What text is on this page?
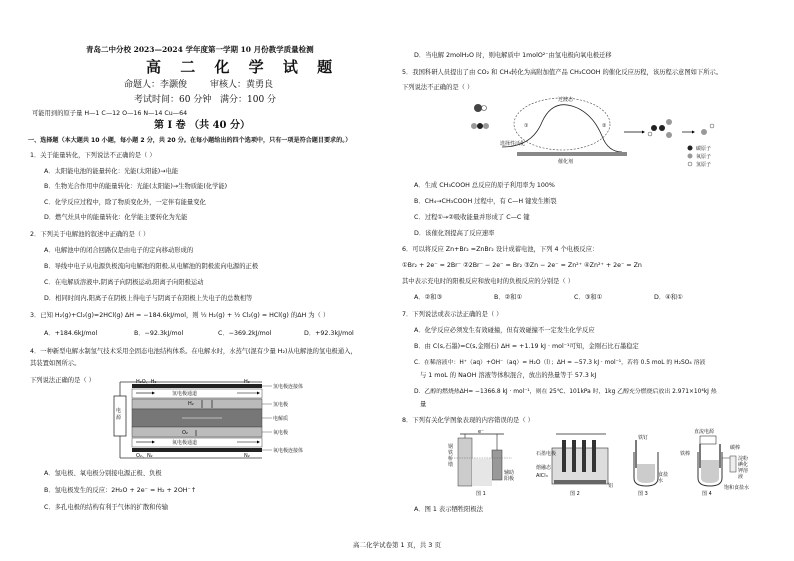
青岛二中分校 2023—2024 学年度第一学期 10 月份教学质量检测
高 二 化 学 试 题
命题人：李灏俊	审核人：黄勇良
考试时间：60 分钟 满分：100 分
可能用到的原子量 H—1 C—12 O—16 N—14 Cu—64
第 I 卷 （共 40 分）
一、选择题（本大题共 10 小题，每小题 2 分，共 20 分。在每小题给出的四个选项中，只有一项是符合题目要求的。）
1．关于能量转化，下列说法不正确的是（ ）
A．太阳能电池的能量转化：光能(太阳能)→电能
B．生物光合作用中的能量转化：光能(太阳能)→生物质能(化学能)
C．化学反应过程中，除了物质变化外，一定伴有能量变化
D．燃气灶具中的能量转化：化学能主要转化为光能
2．下列关于电解池的叙述中正确的是（ ）
A．电解池中的闭合回路仅是由电子的定向移动形成的
B．导线中电子从电源负极流向电解池的阳极,从电解池的阴极流向电源的正极
C．在电解质溶液中,阴离子向阴极运动,阳离子向阳极运动
D．相同时间内,阳离子在阴极上得电子与阴离子在阳极上失电子的总数相等
3．已知 H₂(g)+Cl₂(g)=2HCl(g) ΔH = −184.6kJ/mol，则 ½ H₂(g) + ½ Cl₂(g) = HCl(g) 的ΔH 为（ ）
A．+184.6kJ/mol	B．−92.3kJ/mol	C．−369.2kJ/mol	D．+92.3kJ/mol
4．一种新型电解水制氢气技术采用全固态电池结构体系。在电解水时，水蒸气(混有少量 H₂)从电解池的氢电极通入，
其装置如图所示。
下列说法正确的是（ ）	H₂O、H₂	H₂
氢电极通道
H₂
O₂
氧电极通道
O₂、N₂	N₂
电源
氢电极连接体
氢电极
电解质
氧电极
氧电极连接体
A．氢电极、氧电极分别接电源正极、负极
B．氢电极发生的反应：2H₂O + 2e⁻ = H₂ + 2OH⁻↑
C．多孔电极的结构有利于气体的扩散和传输
D．当电解 2molH₂O 时，则电解质中 1molO²⁻由氢电极向氧电极迁移
5．我国科研人员提出了由 CO₂ 和 CH₄转化为高附加值产品 CH₃COOH 的催化反应历程，该历程示意图如下所示。
下列说法不正确的是（ ）
过渡态
选择性活化
催化剂
①	②
碳原子
氧原子
氢原子
A．生成 CH₃COOH 总反应的原子利用率为 100%
B．CH₄→CH₃COOH 过程中，有 C—H 键发生断裂
C．过程①→②吸收能量并形成了 C—C 键
D．该催化剂提高了反应速率
6．可以将反应 Zn+Br₂ =ZnBr₂ 设计成蓄电池，下列 4 个电极反应：
①Br₂ + 2e⁻ = 2Br⁻ ②2Br⁻ − 2e⁻ = Br₂ ③Zn − 2e⁻ = Zn²⁺ ④Zn²⁺ + 2e⁻ = Zn
其中表示充电时的阳极反应和放电时的负极反应的分别是（ ）
A．②和③	B．②和①	C．③和①	D．④和①
7．下列说法或表示法正确的是（ ）
A．化学反应必须发生有效碰撞，但有效碰撞不一定发生化学反应
B．由 C(s,石墨)=C(s,金刚石) ΔH = +1.19 kJ · mol⁻¹可知，金刚石比石墨稳定
C．在稀溶液中：H⁺（aq）+OH⁻（aq）= H₂O（l）；ΔH = −57.3 kJ · mol⁻¹，若将 0.5 moL 的 H₂SO₄ 溶液
与 1 moL 的 NaOH 溶液等体积混合，放出的热量等于 57.3 kJ
D．乙醇的燃烧热ΔH= −1366.8 kJ · mol⁻¹，则在 25℃、101kPa 时，1kg 乙醇充分燃烧后放出 2.971×10⁴kJ 热
量
8．下列有关化学图象表现的内容错误的是（ ）
钢铁桥墩
辅助阳极
e⁻
图 1
石墨电极
熔融态
AlCl₃
铝
图 2
铁钉
食盐水
图 3
直流电源
铁棒
碳棒
饱和食盐水
淀粉碘化钾溶液
图 4
A．图 1 表示牺牲阳极法
高二化学试卷第 1 页，共 3 页
